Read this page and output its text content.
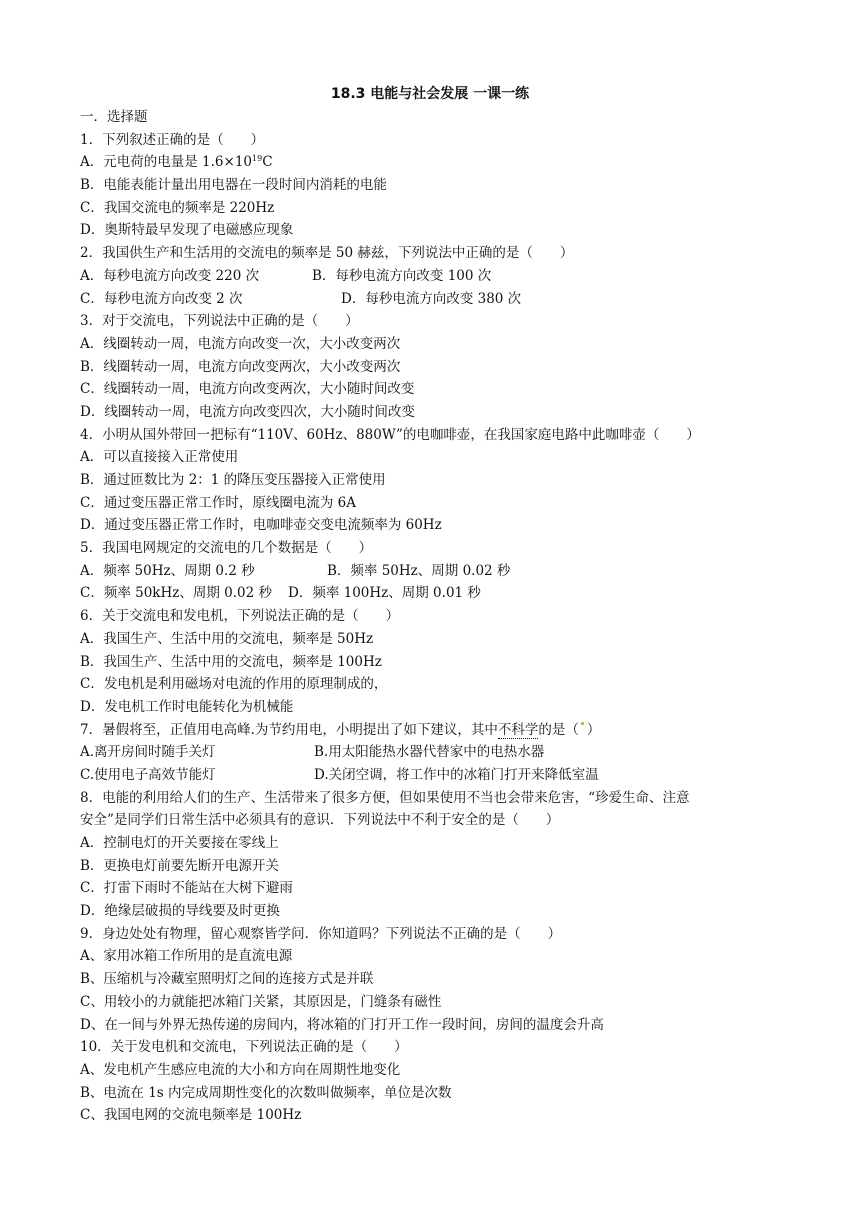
18.3 电能与社会发展 一课一练
一．选择题
1．下列叙述正确的是（　　）
A．元电荷的电量是 $1.6\times 10^{19}C$
B．电能表能计量出用电器在一段时间内消耗的电能
C．我国交流电的频率是 220Hz
D．奥斯特最早发现了电磁感应现象
2．我国供生产和生活用的交流电的频率是 50 赫兹，下列说法中正确的是（　　）
A．每秒电流方向改变 220 次	B．每秒电流方向改变 100 次
C．每秒电流方向改变 2 次	D．每秒电流方向改变 380 次
3．对于交流电，下列说法中正确的是（　　）
A．线圈转动一周，电流方向改变一次，大小改变两次
B．线圈转动一周，电流方向改变两次，大小改变两次
C．线圈转动一周，电流方向改变两次，大小随时间改变
D．线圈转动一周，电流方向改变四次，大小随时间改变
4．小明从国外带回一把标有“110V、60Hz、880W”的电咖啡壶，在我国家庭电路中此咖啡壶（　　）
A．可以直接接入正常使用
B．通过匝数比为 2：1 的降压变压器接入正常使用
C．通过变压器正常工作时，原线圈电流为 6A
D．通过变压器正常工作时，电咖啡壶交变电流频率为 60Hz
5．我国电网规定的交流电的几个数据是（　　）
A．频率 50Hz、周期 0.2 秒	B．频率 50Hz、周期 0.02 秒
C．频率 50kHz、周期 0.02 秒	D．频率 100Hz、周期 0.01 秒
6．关于交流电和发电机，下列说法正确的是（　　）
A．我国生产、生活中用的交流电，频率是 50Hz
B．我国生产、生活中用的交流电，频率是 100Hz
C．发电机是利用磁场对电流的作用的原理制成的，
D．发电机工作时电能转化为机械能
7．暑假将至，正值用电高峰.为节约用电，小明提出了如下建议，其中不科学的是（ ）
A.离开房间时随手关灯	B.用太阳能热水器代替家中的电热水器
C.使用电子高效节能灯	D.关闭空调，将工作中的冰箱门打开来降低室温
8．电能的利用给人们的生产、生活带来了很多方便，但如果使用不当也会带来危害，“珍爱生命、注意
安全”是同学们日常生活中必须具有的意识．下列说法中不利于安全的是（　　）
A．控制电灯的开关要接在零线上
B．更换电灯前要先断开电源开关
C．打雷下雨时不能站在大树下避雨
D．绝缘层破损的导线要及时更换
9．身边处处有物理，留心观察皆学问．你知道吗？下列说法不正确的是（　　）
A、家用冰箱工作所用的是直流电源
B、压缩机与冷藏室照明灯之间的连接方式是并联
C、用较小的力就能把冰箱门关紧，其原因是，门缝条有磁性
D、在一间与外界无热传递的房间内，将冰箱的门打开工作一段时间，房间的温度会升高
10．关于发电机和交流电，下列说法正确的是（　　）
A、发电机产生感应电流的大小和方向在周期性地变化
B、电流在 1s 内完成周期性变化的次数叫做频率，单位是次数
C、我国电网的交流电频率是 100Hz
